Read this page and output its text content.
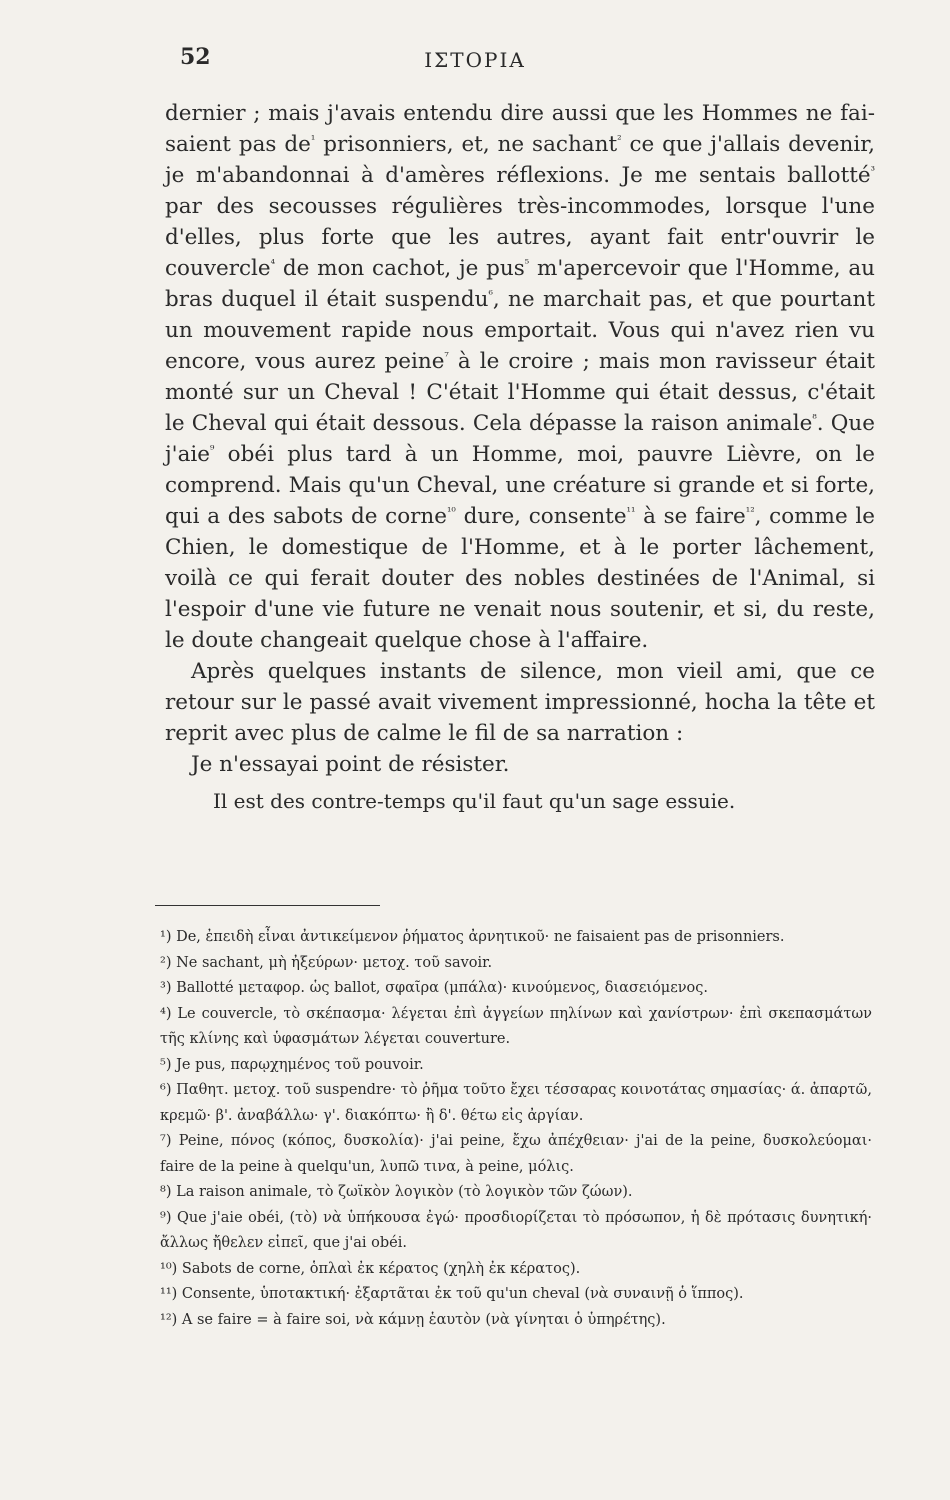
52	ΙΣΤΟΡΙΑ

dernier ; mais j'avais entendu dire aussi que les Hommes ne fai- saient pas $de^{^1}$ prisonniers, et, ne sachant$^{^2}$ ce que j'allais devenir, je m'abandonnai à d'amères réflexions. Je me sentais ballotté$^{^3}$ par des secousses régulières très-incommodes, lorsque l'une d'elles, plus forte que les autres, ayant fait entr'ouvrir le couvercle$^{^4}$ de mon cachot, je pus$^{^5}$ m'apercevoir que l'Homme, au bras duquel il était suspendu$^{^6}$, ne marchait pas, et que pourtant un mouvement rapide nous emportait. Vous qui n'avez rien vu encore, vous aurez peine$^{^7}$ à le croire ; mais mon ravisseur était monté sur un Cheval ! C'était l'Homme qui était dessus, c'était le Cheval qui était dessous. Cela dépasse la raison animale$^{^8}$. Que j'aie$^{^9}$ obéi plus tard à un Homme, moi, pauvre Lièvre, on le comprend. Mais qu'un Cheval, une créature si grande et si forte, qui a des sabots de corne$^{^{10}}$ dure, consente$^{^{11}}$ à se faire$^{^{12}}$, comme le Chien, le domestique de l'Homme, et à le porter lâchement, voilà ce qui ferait douter des nobles destinées de l'Animal, si l'espoir d'une vie future ne venait nous soutenir, et si, du reste, le doute changeait quelque chose à l'affaire.

Après quelques instants de silence, mon vieil ami, que ce retour sur le passé avait vivement impressionné, hocha la tête et reprit avec plus de calme le fil de sa narration :

Je n'essayai point de résister.

Il est des contre-temps qu'il faut qu'un sage essuie.

¹) De, ἐπειδὴ εἶναι ἀντικείμενον ῥήματος ἀρνητικοῦ· ne faisaient pas de prisonniers.

²) Ne sachant, μὴ ἠξεύρων· μετοχ. τοῦ savoir.

³) Ballotté μεταφορ. ὡς ballot, σφαῖρα (μπάλα)· κινούμενος, διασειόμενος.

⁴) Le couvercle, τὸ σκέπασμα· λέγεται ἐπὶ ἀγγείων πηλίνων καὶ χανίστρων· ἐπὶ σκεπασμάτων τῆς κλίνης καὶ ὑφασμάτων λέγεται couverture.

⁵) Je pus, παρῳχημένος τοῦ pouvoir.

⁶) Παθητ. μετοχ. τοῦ suspendre· τὸ ῥῆμα τοῦτο ἔχει τέσσαρας κοινοτάτας σημασίας· ά. ἀπαρτῶ, κρεμῶ· β'. ἀναβάλλω· γ'. διακόπτω· ἢ δ'. θέτω εἰς ἀργίαν.

⁷) Peine, πόνος (κόπος, δυσκολία)· j'ai peine, ἔχω ἀπέχθειαν· j'ai de la peine, δυσκολεύομαι· faire de la peine à quelqu'un, λυπῶ τινα, à peine, μόλις.

⁸) La raison animale, τὸ ζωϊκὸν λογικὸν (τὸ λογικὸν τῶν ζώων).

⁹) Que j'aie obéi, (τὸ) νὰ ὑπήκουσα ἐγώ· προσδιορίζεται τὸ πρόσωπον, ἡ δὲ πρότασις δυνητική· ἄλλως ἤθελεν εἰπεῖ, que j'ai obéi.

¹⁰) Sabots de corne, ὁπλαὶ ἐκ κέρατος (χηλὴ ἐκ κέρατος).

¹¹) Consente, ὑποτακτική· ἐξαρτᾶται ἐκ τοῦ qu'un cheval (νὰ συναινῇ ὁ ἵππος).

¹²) A se faire = à faire soi, νὰ κάμνῃ ἑαυτὸν (νὰ γίνηται ὁ ὑπηρέτης).
